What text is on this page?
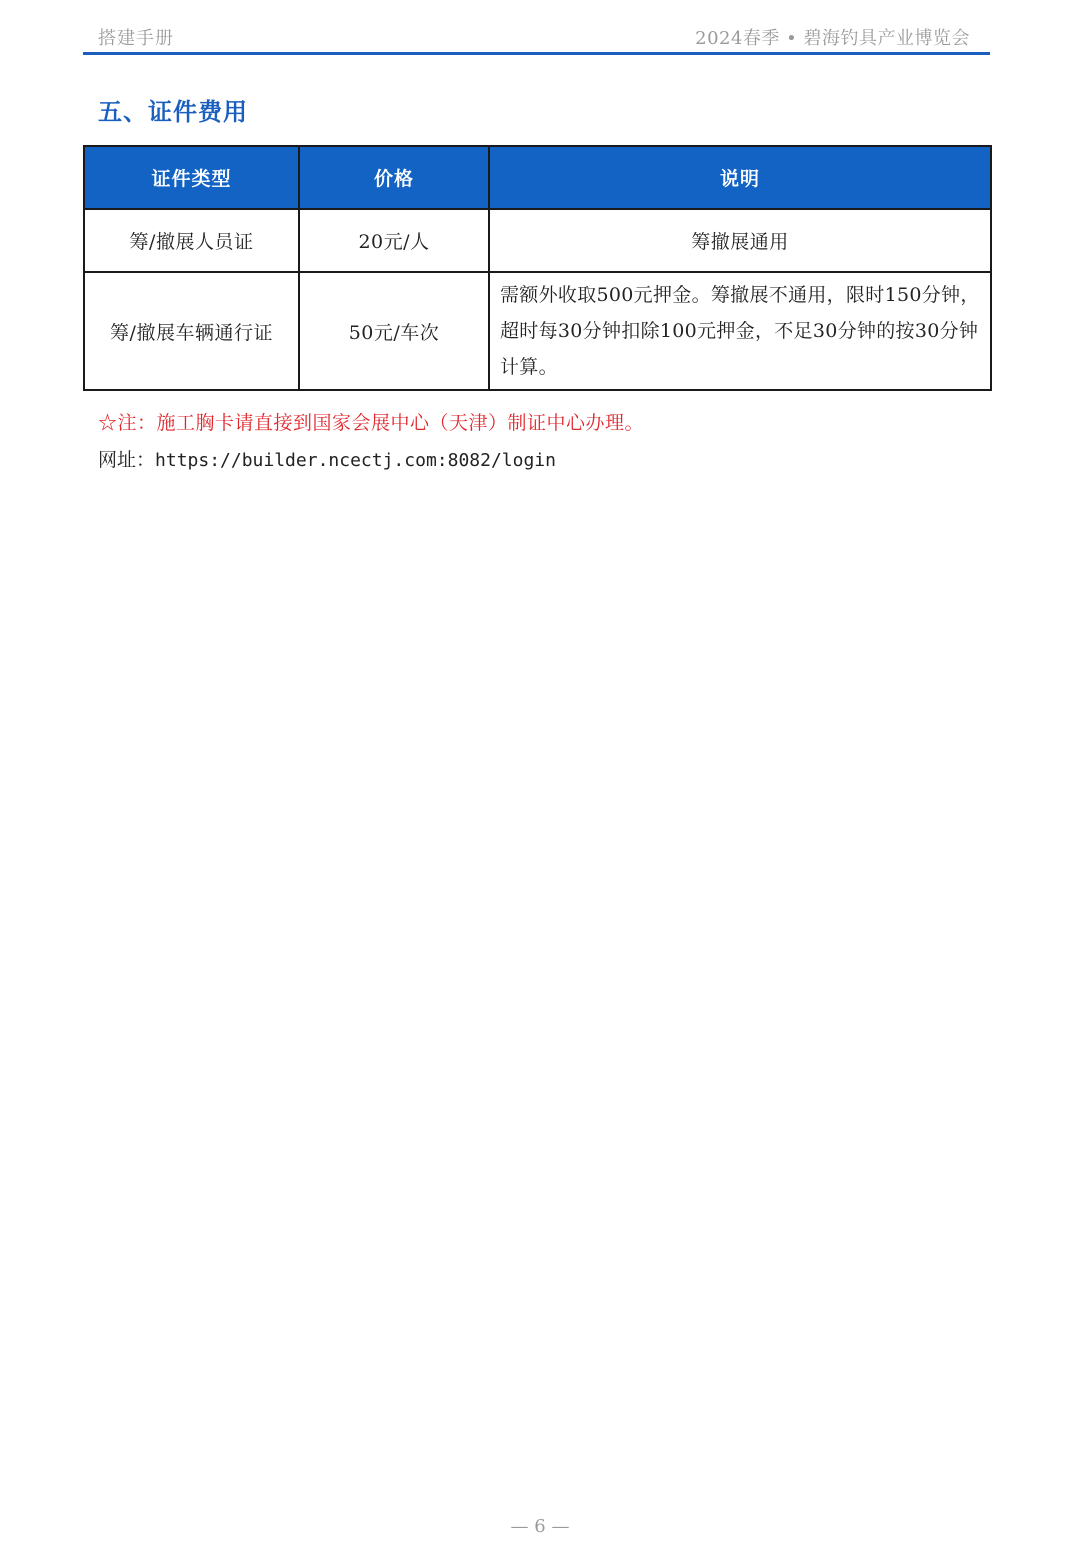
搭建手册	2024春季 • 碧海钓具产业博览会
五、证件费用
证件类型	价格	说明
筹/撤展人员证	20元/人	筹撤展通用
筹/撤展车辆通行证	50元/车次	需额外收取500元押金。筹撤展不通用，限时150分钟，超时每30分钟扣除100元押金，不足30分钟的按30分钟计算。
☆注：施工胸卡请直接到国家会展中心（天津）制证中心办理。
网址：https://builder.ncectj.com:8082/login
— 6 —
